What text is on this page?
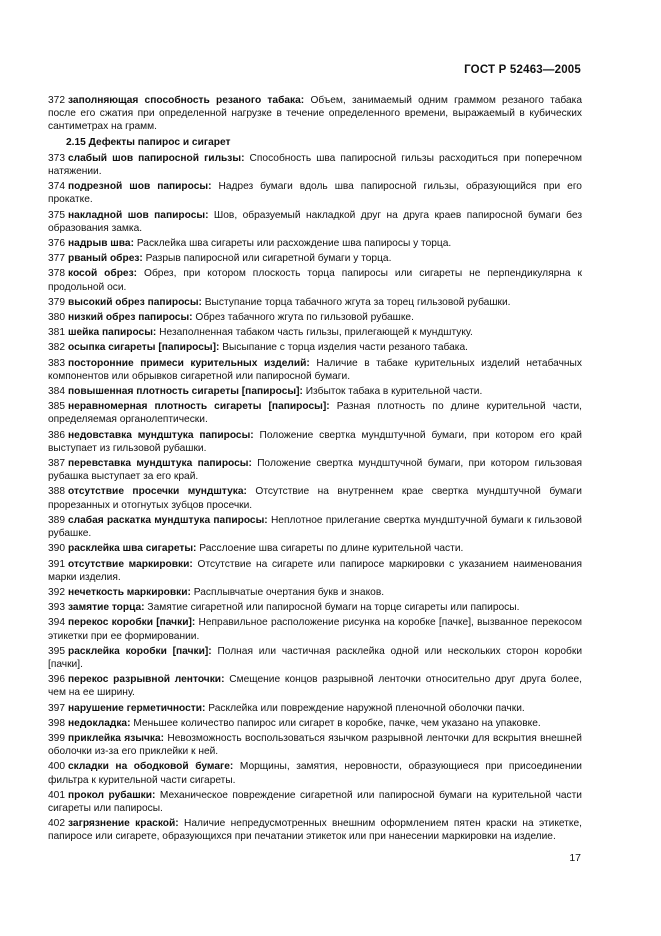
ГОСТ Р 52463—2005

372 заполняющая способность резаного табака: Объем, занимаемый одним граммом резаного табака после его сжатия при определенной нагрузке в течение определенного времени, выражаемый в кубических сантиметрах на грамм.

2.15 Дефекты папирос и сигарет

373 слабый шов папиросной гильзы: Способность шва папиросной гильзы расходиться при поперечном натяжении.

374 подрезной шов папиросы: Надрез бумаги вдоль шва папиросной гильзы, образующийся при его прокатке.

375 накладной шов папиросы: Шов, образуемый накладкой друг на друга краев папиросной бумаги без образования замка.

376 надрыв шва: Расклейка шва сигареты или расхождение шва папиросы у торца.

377 рваный обрез: Разрыв папиросной или сигаретной бумаги у торца.

378 косой обрез: Обрез, при котором плоскость торца папиросы или сигареты не перпендикулярна к продольной оси.

379 высокий обрез папиросы: Выступание торца табачного жгута за торец гильзовой рубашки.

380 низкий обрез папиросы: Обрез табачного жгута по гильзовой рубашке.

381 шейка папиросы: Незаполненная табаком часть гильзы, прилегающей к мундштуку.

382 осыпка сигареты [папиросы]: Высыпание с торца изделия части резаного табака.

383 посторонние примеси курительных изделий: Наличие в табаке курительных изделий нетабачных компонентов или обрывков сигаретной или папиросной бумаги.

384 повышенная плотность сигареты [папиросы]: Избыток табака в курительной части.

385 неравномерная плотность сигареты [папиросы]: Разная плотность по длине курительной части, определяемая органолептически.

386 недовставка мундштука папиросы: Положение свертка мундштучной бумаги, при котором его край выступает из гильзовой рубашки.

387 перевставка мундштука папиросы: Положение свертка мундштучной бумаги, при котором гильзовая рубашка выступает за его край.

388 отсутствие просечки мундштука: Отсутствие на внутреннем крае свертка мундштучной бумаги прорезанных и отогнутых зубцов просечки.

389 слабая раскатка мундштука папиросы: Неплотное прилегание свертка мундштучной бумаги к гильзовой рубашке.

390 расклейка шва сигареты: Расслоение шва сигареты по длине курительной части.

391 отсутствие маркировки: Отсутствие на сигарете или папиросе маркировки с указанием наименования марки изделия.

392 нечеткость маркировки: Расплывчатые очертания букв и знаков.

393 замятие торца: Замятие сигаретной или папиросной бумаги на торце сигареты или папиросы.

394 перекос коробки [пачки]: Неправильное расположение рисунка на коробке [пачке], вызванное перекосом этикетки при ее формировании.

395 расклейка коробки [пачки]: Полная или частичная расклейка одной или нескольких сторон коробки [пачки].

396 перекос разрывной ленточки: Смещение концов разрывной ленточки относительно друг друга более, чем на ее ширину.

397 нарушение герметичности: Расклейка или повреждение наружной пленочной оболочки пачки.

398 недокладка: Меньшее количество папирос или сигарет в коробке, пачке, чем указано на упаковке.

399 приклейка язычка: Невозможность воспользоваться язычком разрывной ленточки для вскрытия внешней оболочки из-за его приклейки к ней.

400 складки на ободковой бумаге: Морщины, замятия, неровности, образующиеся при присоединении фильтра к курительной части сигареты.

401 прокол рубашки: Механическое повреждение сигаретной или папиросной бумаги на курительной части сигареты или папиросы.

402 загрязнение краской: Наличие непредусмотренных внешним оформлением пятен краски на этикетке, папиросе или сигарете, образующихся при печатании этикеток или при нанесении маркировки на изделие.

17
